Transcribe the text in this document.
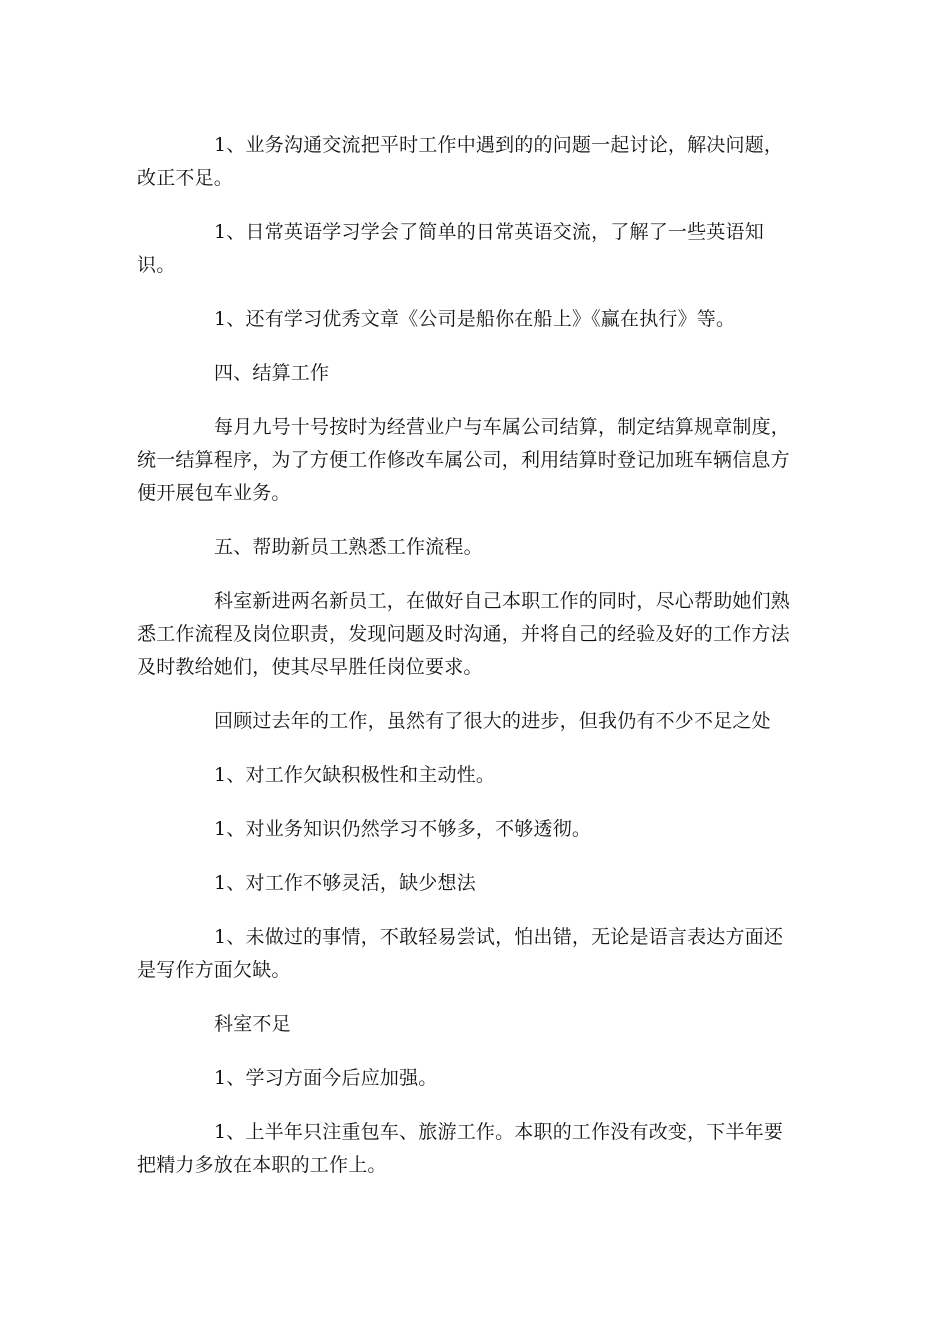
1、业务沟通交流把平时工作中遇到的的问题一起讨论，解决问题，改正不足。

1、日常英语学习学会了简单的日常英语交流，了解了一些英语知识。

1、还有学习优秀文章《公司是船你在船上》《赢在执行》等。

四、结算工作

每月九号十号按时为经营业户与车属公司结算，制定结算规章制度，统一结算程序，为了方便工作修改车属公司，利用结算时登记加班车辆信息方便开展包车业务。

五、帮助新员工熟悉工作流程。

科室新进两名新员工，在做好自己本职工作的同时，尽心帮助她们熟悉工作流程及岗位职责，发现问题及时沟通，并将自己的经验及好的工作方法及时教给她们，使其尽早胜任岗位要求。

回顾过去年的工作，虽然有了很大的进步，但我仍有不少不足之处

1、对工作欠缺积极性和主动性。

1、对业务知识仍然学习不够多，不够透彻。

1、对工作不够灵活，缺少想法

1、未做过的事情，不敢轻易尝试，怕出错，无论是语言表达方面还是写作方面欠缺。

科室不足

1、学习方面今后应加强。

1、上半年只注重包车、旅游工作。本职的工作没有改变，下半年要把精力多放在本职的工作上。
